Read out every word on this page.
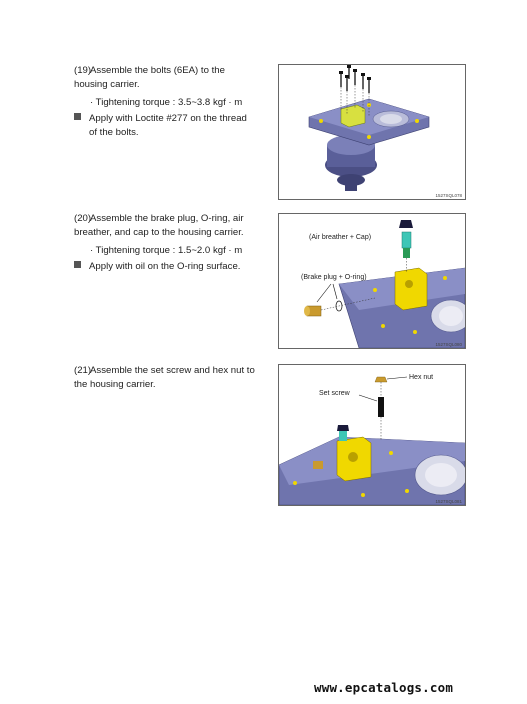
(19)Assemble the bolts (6EA) to the housing carrier.
· Tightening torque : 3.5~3.8 kgf · m
Apply with Loctite #277 on the thread of the bolts.
1527SQL078
(20)Assemble the brake plug, O-ring, air breather, and cap to the housing carrier.
· Tightening torque : 1.5~2.0 kgf · m
Apply with oil on the O-ring surface.
(Air breather + Cap)
(Brake plug + O-ring)
1527SQL080
(21)Assemble the set screw and hex nut to the housing carrier.
Hex nut
Set screw
1527SQL081
www.epcatalogs.com
